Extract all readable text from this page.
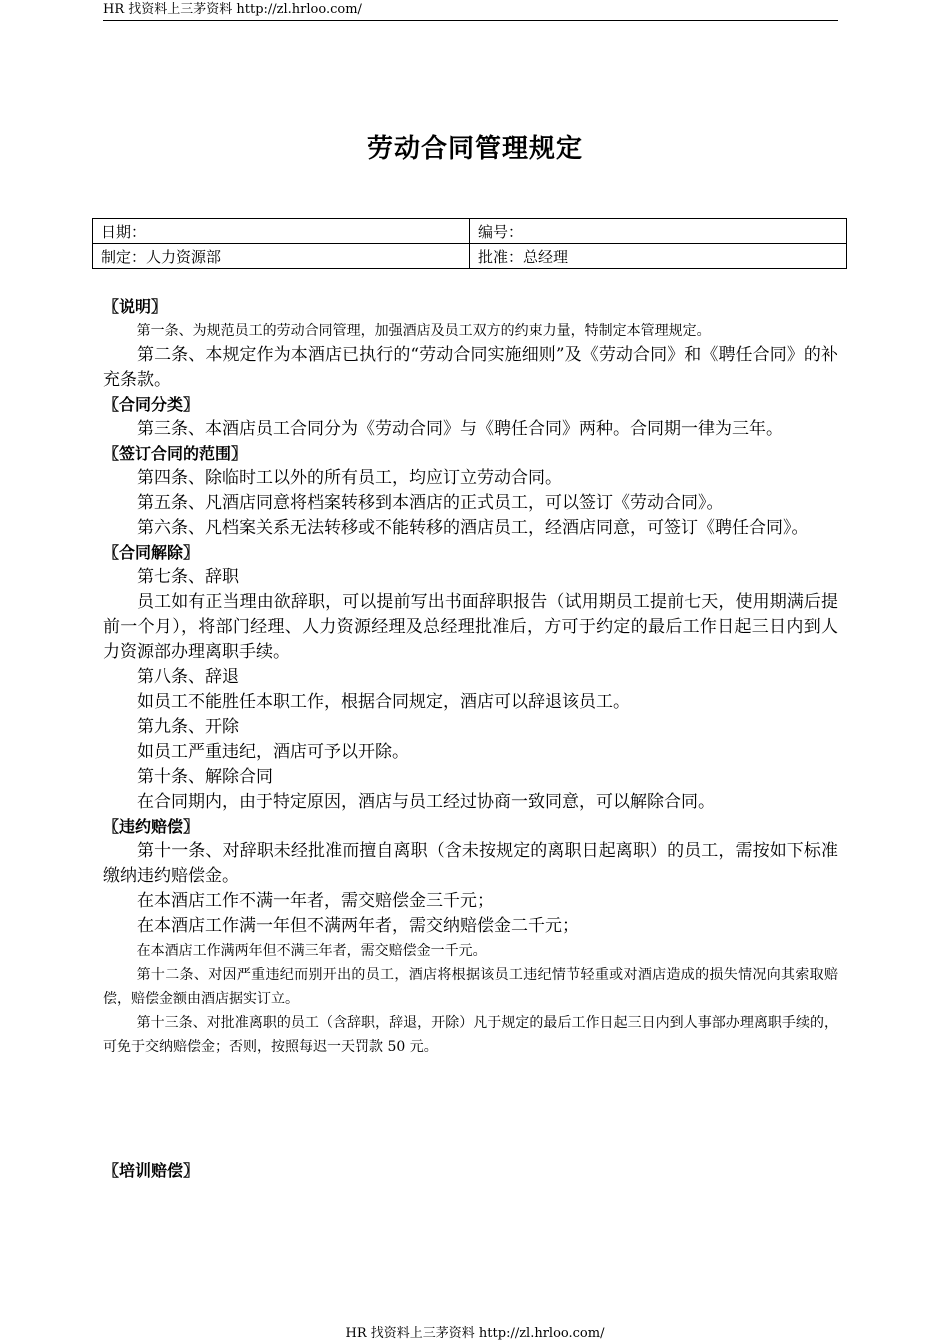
HR 找资料上三茅资料 http://zl.hrloo.com/
劳动合同管理规定
日期：	编号：
制定：人力资源部	批准：总经理
〖说明〗
第一条、为规范员工的劳动合同管理，加强酒店及员工双方的约束力量，特制定本管理规定。
第二条、本规定作为本酒店已执行的“劳动合同实施细则”及《劳动合同》和《聘任合同》的补充条款。
〖合同分类〗
第三条、本酒店员工合同分为《劳动合同》与《聘任合同》两种。合同期一律为三年。
〖签订合同的范围〗
第四条、除临时工以外的所有员工，均应订立劳动合同。
第五条、凡酒店同意将档案转移到本酒店的正式员工，可以签订《劳动合同》。
第六条、凡档案关系无法转移或不能转移的酒店员工，经酒店同意，可签订《聘任合同》。
〖合同解除〗
第七条、辞职
员工如有正当理由欲辞职，可以提前写出书面辞职报告（试用期员工提前七天，使用期满后提前一个月），将部门经理、人力资源经理及总经理批准后，方可于约定的最后工作日起三日内到人力资源部办理离职手续。
第八条、辞退
如员工不能胜任本职工作，根据合同规定，酒店可以辞退该员工。
第九条、开除
如员工严重违纪，酒店可予以开除。
第十条、解除合同
在合同期内，由于特定原因，酒店与员工经过协商一致同意，可以解除合同。
〖违约赔偿〗
第十一条、对辞职未经批准而擅自离职（含未按规定的离职日起离职）的员工，需按如下标准缴纳违约赔偿金。
在本酒店工作不满一年者，需交赔偿金三千元；
在本酒店工作满一年但不满两年者，需交纳赔偿金二千元；
在本酒店工作满两年但不满三年者，需交赔偿金一千元。
第十二条、对因严重违纪而别开出的员工，酒店将根据该员工违纪情节轻重或对酒店造成的损失情况向其索取赔偿，赔偿金额由酒店据实订立。
第十三条、对批准离职的员工（含辞职，辞退，开除）凡于规定的最后工作日起三日内到人事部办理离职手续的，可免于交纳赔偿金；否则，按照每迟一天罚款 50 元。
〖培训赔偿〗
HR 找资料上三茅资料 http://zl.hrloo.com/
